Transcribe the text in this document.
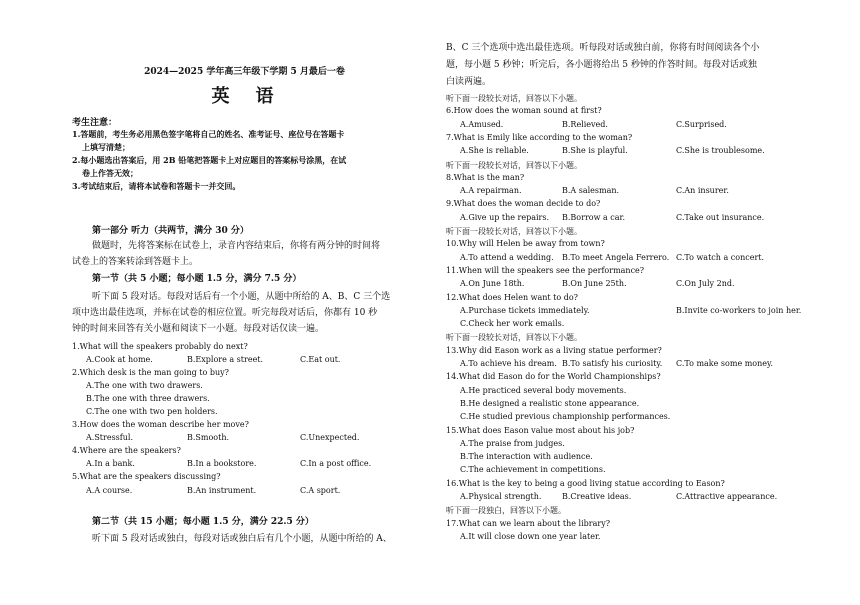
2024—2025 学年高三年级下学期 5 月最后一卷
英　语
考生注意：
1.答题前，考生务必用黑色签字笔将自己的姓名、准考证号、座位号在答题卡
上填写清楚；
2.每小题选出答案后，用 2B 铅笔把答题卡上对应题目的答案标号涂黑，在试
卷上作答无效；
3.考试结束后，请将本试卷和答题卡一并交回。
第一部分 听力（共两节，满分 30 分）
做题时，先将答案标在试卷上，录音内容结束后，你将有两分钟的时间将
试卷上的答案转涂到答题卡上。
第一节（共 5 小题；每小题 1.5 分，满分 7.5 分）
听下面 5 段对话。每段对话后有一个小题，从题中所给的 A、B、C 三个选
项中选出最佳选项，并标在试卷的相应位置。听完每段对话后，你都有 10 秒
钟的时间来回答有关小题和阅读下一小题。每段对话仅读一遍。
1.What will the speakers probably do next?
A.Cook at home.	B.Explore a street.	C.Eat out.
2.Which desk is the man going to buy?
A.The one with two drawers.
B.The one with three drawers.
C.The one with two pen holders.
3.How does the woman describe her move?
A.Stressful.	B.Smooth.	C.Unexpected.
4.Where are the speakers?
A.In a bank.	B.In a bookstore.	C.In a post office.
5.What are the speakers discussing?
A.A course.	B.An instrument.	C.A sport.
第二节（共 15 小题；每小题 1.5 分，满分 22.5 分）
听下面 5 段对话或独白，每段对话或独白后有几个小题，从题中所给的 A、
B、C 三个选项中选出最佳选项。听每段对话或独白前，你将有时间阅读各个小
题，每小题 5 秒钟；听完后，各小题将给出 5 秒钟的作答时间。每段对话或独
白读两遍。
听下面一段较长对话，回答以下小题。
6.How does the woman sound at first?
A.Amused.	B.Relieved.	C.Surprised.
7.What is Emily like according to the woman?
A.She is reliable.	B.She is playful.	C.She is troublesome.
听下面一段较长对话，回答以下小题。
8.What is the man?
A.A repairman.	B.A salesman.	C.An insurer.
9.What does the woman decide to do?
A.Give up the repairs. B.Borrow a car.	C.Take out insurance.
听下面一段较长对话，回答以下小题。
10.Why will Helen be away from town?
A.To attend a wedding. B.To meet Angela Ferrero. C.To watch a concert.
11.When will the speakers see the performance?
A.On June 18th.	B.On June 25th.	C.On July 2nd.
12.What does Helen want to do?
A.Purchase tickets immediately.	B.Invite co-workers to join her.
C.Check her work emails.
听下面一段较长对话，回答以下小题。
13.Why did Eason work as a living statue performer?
A.To achieve his dream. B.To satisfy his curiosity. C.To make some money.
14.What did Eason do for the World Championships?
A.He practiced several body movements.
B.He designed a realistic stone appearance.
C.He studied previous championship performances.
15.What does Eason value most about his job?
A.The praise from judges.
B.The interaction with audience.
C.The achievement in competitions.
16.What is the key to being a good living statue according to Eason?
A.Physical strength.	B.Creative ideas.	C.Attractive appearance.
听下面一段独白，回答以下小题。
17.What can we learn about the library?
A.It will close down one year later.
